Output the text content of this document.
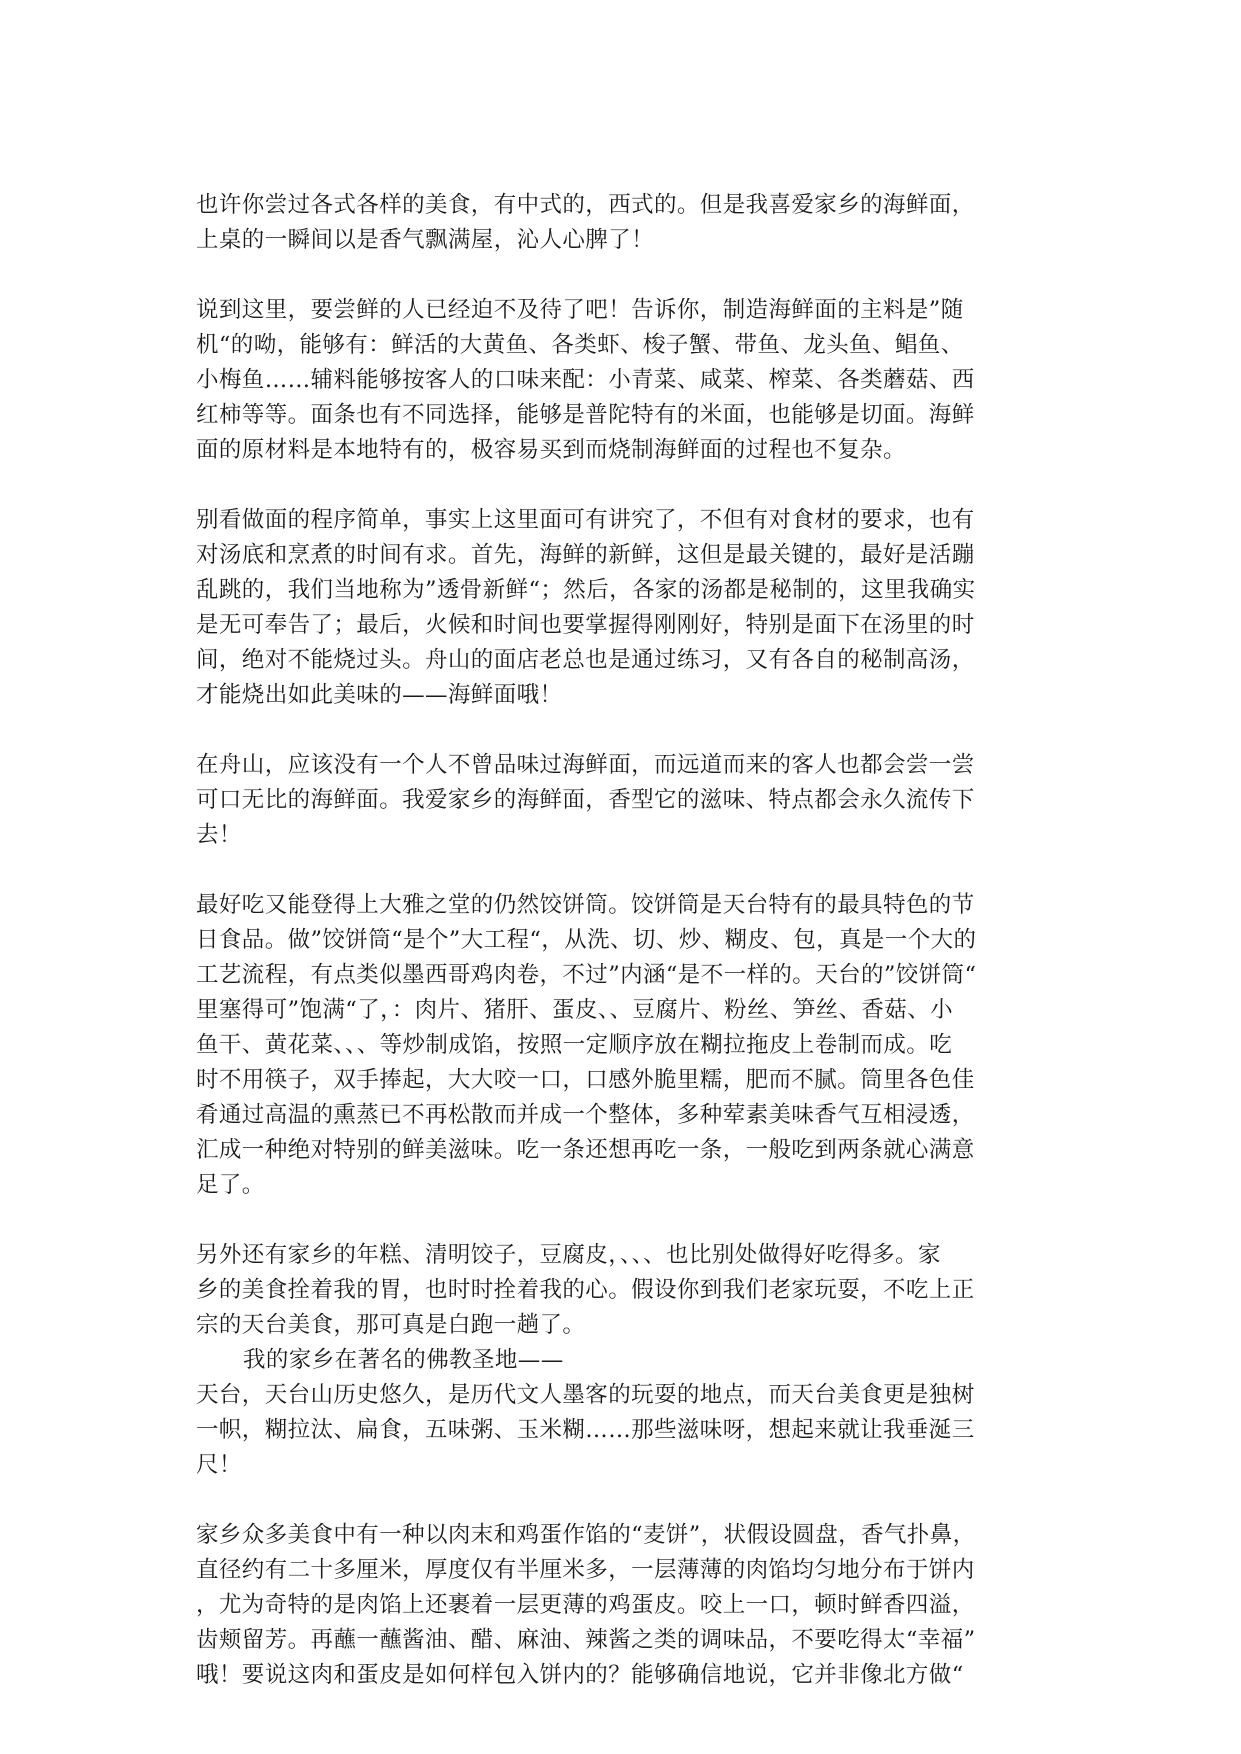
也许你尝过各式各样的美食，有中式的，西式的。但是我喜爱家乡的海鲜面，
上桌的一瞬间以是香气飘满屋，沁人心脾了！
说到这里，要尝鲜的人已经迫不及待了吧！告诉你，制造海鲜面的主料是”随
机“的呦，能够有：鲜活的大黄鱼、各类虾、梭子蟹、带鱼、龙头鱼、鲳鱼、
小梅鱼……辅料能够按客人的口味来配：小青菜、咸菜、榨菜、各类蘑菇、西
红柿等等。面条也有不同选择，能够是普陀特有的米面，也能够是切面。海鲜
面的原材料是本地特有的，极容易买到而烧制海鲜面的过程也不复杂。
别看做面的程序简单，事实上这里面可有讲究了，不但有对食材的要求，也有
对汤底和烹煮的时间有求。首先，海鲜的新鲜，这但是最关键的，最好是活蹦
乱跳的，我们当地称为”透骨新鲜“；然后，各家的汤都是秘制的，这里我确实
是无可奉告了；最后，火候和时间也要掌握得刚刚好，特别是面下在汤里的时
间，绝对不能烧过头。舟山的面店老总也是通过练习，又有各自的秘制高汤，
才能烧出如此美味的——海鲜面哦！
在舟山，应该没有一个人不曾品味过海鲜面，而远道而来的客人也都会尝一尝
可口无比的海鲜面。我爱家乡的海鲜面，香型它的滋味、特点都会永久流传下
去！
最好吃又能登得上大雅之堂的仍然饺饼筒。饺饼筒是天台特有的最具特色的节
日食品。做”饺饼筒“是个”大工程“，从洗、切、炒、糊皮、包，真是一个大的
工艺流程，有点类似墨西哥鸡肉卷，不过”内涵“是不一样的。天台的”饺饼筒“
里塞得可”饱满“了，：肉片、猪肝、蛋皮、、豆腐片、粉丝、笋丝、香菇、小
鱼干、黄花菜、、、等炒制成馅，按照一定顺序放在糊拉拖皮上卷制而成。吃
时不用筷子，双手捧起，大大咬一口，口感外脆里糯，肥而不腻。筒里各色佳
肴通过高温的熏蒸已不再松散而并成一个整体，多种荤素美味香气互相浸透，
汇成一种绝对特别的鲜美滋味。吃一条还想再吃一条，一般吃到两条就心满意
足了。
另外还有家乡的年糕、清明饺子，豆腐皮，、、、也比别处做得好吃得多。家
乡的美食拴着我的胃，也时时拴着我的心。假设你到我们老家玩耍，不吃上正
宗的天台美食，那可真是白跑一趟了。
我的家乡在著名的佛教圣地——
天台，天台山历史悠久，是历代文人墨客的玩耍的地点，而天台美食更是独树
一帜，糊拉汰、扁食，五味粥、玉米糊……那些滋味呀，想起来就让我垂涎三
尺！
家乡众多美食中有一种以肉末和鸡蛋作馅的“麦饼”，状假设圆盘，香气扑鼻，
直径约有二十多厘米，厚度仅有半厘米多，一层薄薄的肉馅均匀地分布于饼内
，尤为奇特的是肉馅上还裹着一层更薄的鸡蛋皮。咬上一口，顿时鲜香四溢，
齿颊留芳。再蘸一蘸酱油、醋、麻油、辣酱之类的调味品，不要吃得太“幸福”
哦！要说这肉和蛋皮是如何样包入饼内的？能够确信地说，它并非像北方做“
